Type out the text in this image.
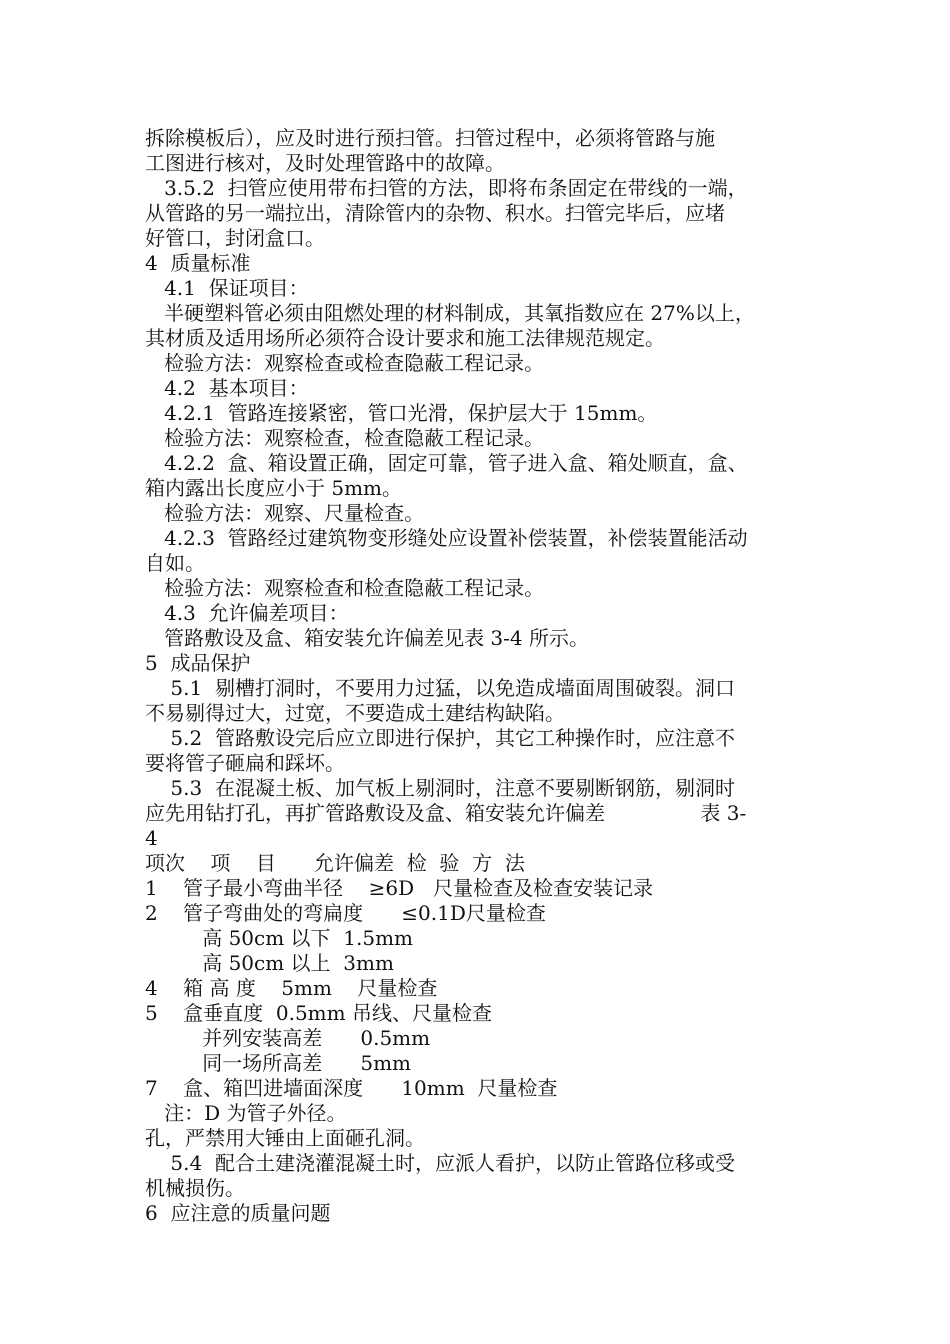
拆除模板后），应及时进行预扫管。扫管过程中，必须将管路与施
工图进行核对，及时处理管路中的故障。
3.5.2  扫管应使用带布扫管的方法，即将布条固定在带线的一端，
从管路的另一端拉出，清除管内的杂物、积水。扫管完毕后，应堵
好管口，封闭盒口。
4  质量标准
4.1  保证项目：
半硬塑料管必须由阻燃处理的材料制成，其氧指数应在 27%以上，
其材质及适用场所必须符合设计要求和施工法律规范规定。
检验方法：观察检查或检查隐蔽工程记录。
4.2  基本项目：
4.2.1  管路连接紧密，管口光滑，保护层大于 15mm。
检验方法：观察检查，检查隐蔽工程记录。
4.2.2  盒、箱设置正确，固定可靠，管子进入盒、箱处顺直，盒、
箱内露出长度应小于 5mm。
检验方法：观察、尺量检查。
4.2.3  管路经过建筑物变形缝处应设置补偿装置，补偿装置能活动
自如。
检验方法：观察检查和检查隐蔽工程记录。
4.3  允许偏差项目：
管路敷设及盒、箱安装允许偏差见表 3-4 所示。
5  成品保护
5.1  剔槽打洞时，不要用力过猛，以免造成墙面周围破裂。洞口
不易剔得过大，过宽，不要造成土建结构缺陷。
5.2  管路敷设完后应立即进行保护，其它工种操作时，应注意不
要将管子砸扁和踩坏。
5.3  在混凝土板、加气板上剔洞时，注意不要剔断钢筋，剔洞时
应先用钻打孔，再扩管路敷设及盒、箱安装允许偏差               表 3-
4
项次    项    目      允许偏差  检  验  方  法
1    管子最小弯曲半径    ≥6D   尺量检查及检查安装记录
2    管子弯曲处的弯扁度      ≤0.1D尺量检查
高 50cm 以下  1.5mm
高 50cm 以上  3mm
4    箱 高 度    5mm    尺量检查
5    盒垂直度  0.5mm 吊线、尺量检查
并列安装高差      0.5mm
同一场所高差      5mm
7    盒、箱凹进墙面深度      10mm  尺量检查
注：D 为管子外径。
孔，严禁用大锤由上面砸孔洞。
5.4  配合土建浇灌混凝土时，应派人看护，以防止管路位移或受
机械损伤。
6  应注意的质量问题
